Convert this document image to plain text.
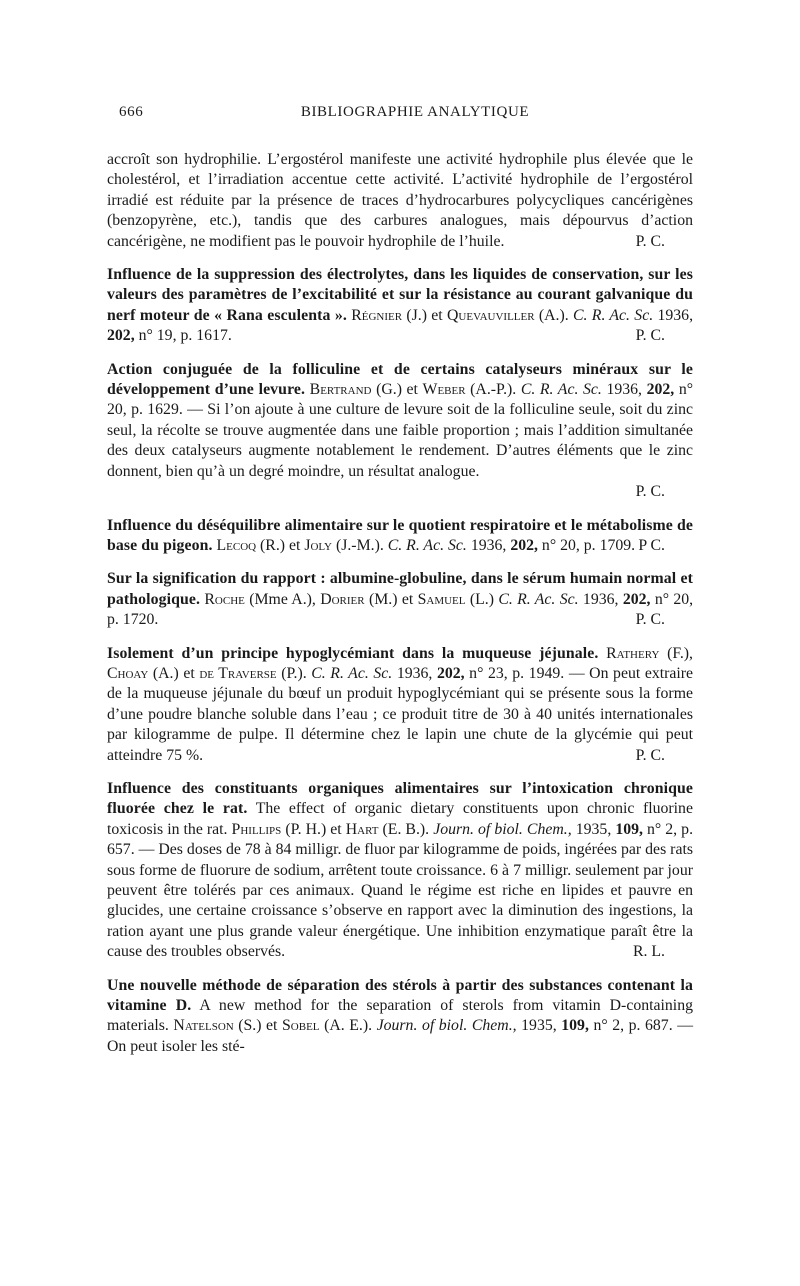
666	BIBLIOGRAPHIE ANALYTIQUE
accroît son hydrophilie. L’ergostérol manifeste une activité hydrophile plus élevée que le cholestérol, et l’irradiation accentue cette activité. L’activité hydrophile de l’ergostérol irradié est réduite par la présence de traces d’hydrocarbures polycycliques cancérigènes (benzopyrène, etc.), tandis que des carbures analogues, mais dépourvus d’action cancérigène, ne modifient pas le pouvoir hydrophile de l’huile.	P. C.
Influence de la suppression des électrolytes, dans les liquides de conservation, sur les valeurs des paramètres de l’excitabilité et sur la résistance au courant galvanique du nerf moteur de « Rana esculenta ». Régnier (J.) et Quevauviller (A.). C. R. Ac. Sc. 1936, 202, n° 19, p. 1617.	P. C.
Action conjuguée de la folliculine et de certains catalyseurs minéraux sur le développement d’une levure. Bertrand (G.) et Weber (A.-P.). C. R. Ac. Sc. 1936, 202, n° 20, p. 1629. — Si l’on ajoute à une culture de levure soit de la folliculine seule, soit du zinc seul, la récolte se trouve augmentée dans une faible proportion ; mais l’addition simultanée des deux catalyseurs augmente notablement le rendement. D’autres éléments que le zinc donnent, bien qu’à un degré moindre, un résultat analogue.
P. C.
Influence du déséquilibre alimentaire sur le quotient respiratoire et le métabolisme de base du pigeon. Lecoq (R.) et Joly (J.-M.). C. R. Ac. Sc. 1936, 202, n° 20, p. 1709. P C.
Sur la signification du rapport : albumine-globuline, dans le sérum humain normal et pathologique. Roche (Mme A.), Dorier (M.) et Samuel (L.) C. R. Ac. Sc. 1936, 202, n° 20, p. 1720.	P. C.
Isolement d’un principe hypoglycémiant dans la muqueuse jéjunale. Rathery (F.), Choay (A.) et de Traverse (P.). C. R. Ac. Sc. 1936, 202, n° 23, p. 1949. — On peut extraire de la muqueuse jéjunale du bœuf un produit hypoglycémiant qui se présente sous la forme d’une poudre blanche soluble dans l’eau ; ce produit titre de 30 à 40 unités internationales par kilogramme de pulpe. Il détermine chez le lapin une chute de la glycémie qui peut atteindre 75 %.	P. C.
Influence des constituants organiques alimentaires sur l’intoxication chronique fluorée chez le rat. The effect of organic dietary constituents upon chronic fluorine toxicosis in the rat. Phillips (P. H.) et Hart (E. B.). Journ. of biol. Chem., 1935, 109, n° 2, p. 657. — Des doses de 78 à 84 milligr. de fluor par kilogramme de poids, ingérées par des rats sous forme de fluorure de sodium, arrêtent toute croissance. 6 à 7 milligr. seulement par jour peuvent être tolérés par ces animaux. Quand le régime est riche en lipides et pauvre en glucides, une certaine croissance s’observe en rapport avec la diminution des ingestions, la ration ayant une plus grande valeur énergétique. Une inhibition enzymatique paraît être la cause des troubles observés.	R. L.
Une nouvelle méthode de séparation des stérols à partir des substances contenant la vitamine D. A new method for the separation of sterols from vitamin D-containing materials. Natelson (S.) et Sobel (A. E.). Journ. of biol. Chem., 1935, 109, n° 2, p. 687. — On peut isoler les sté-
